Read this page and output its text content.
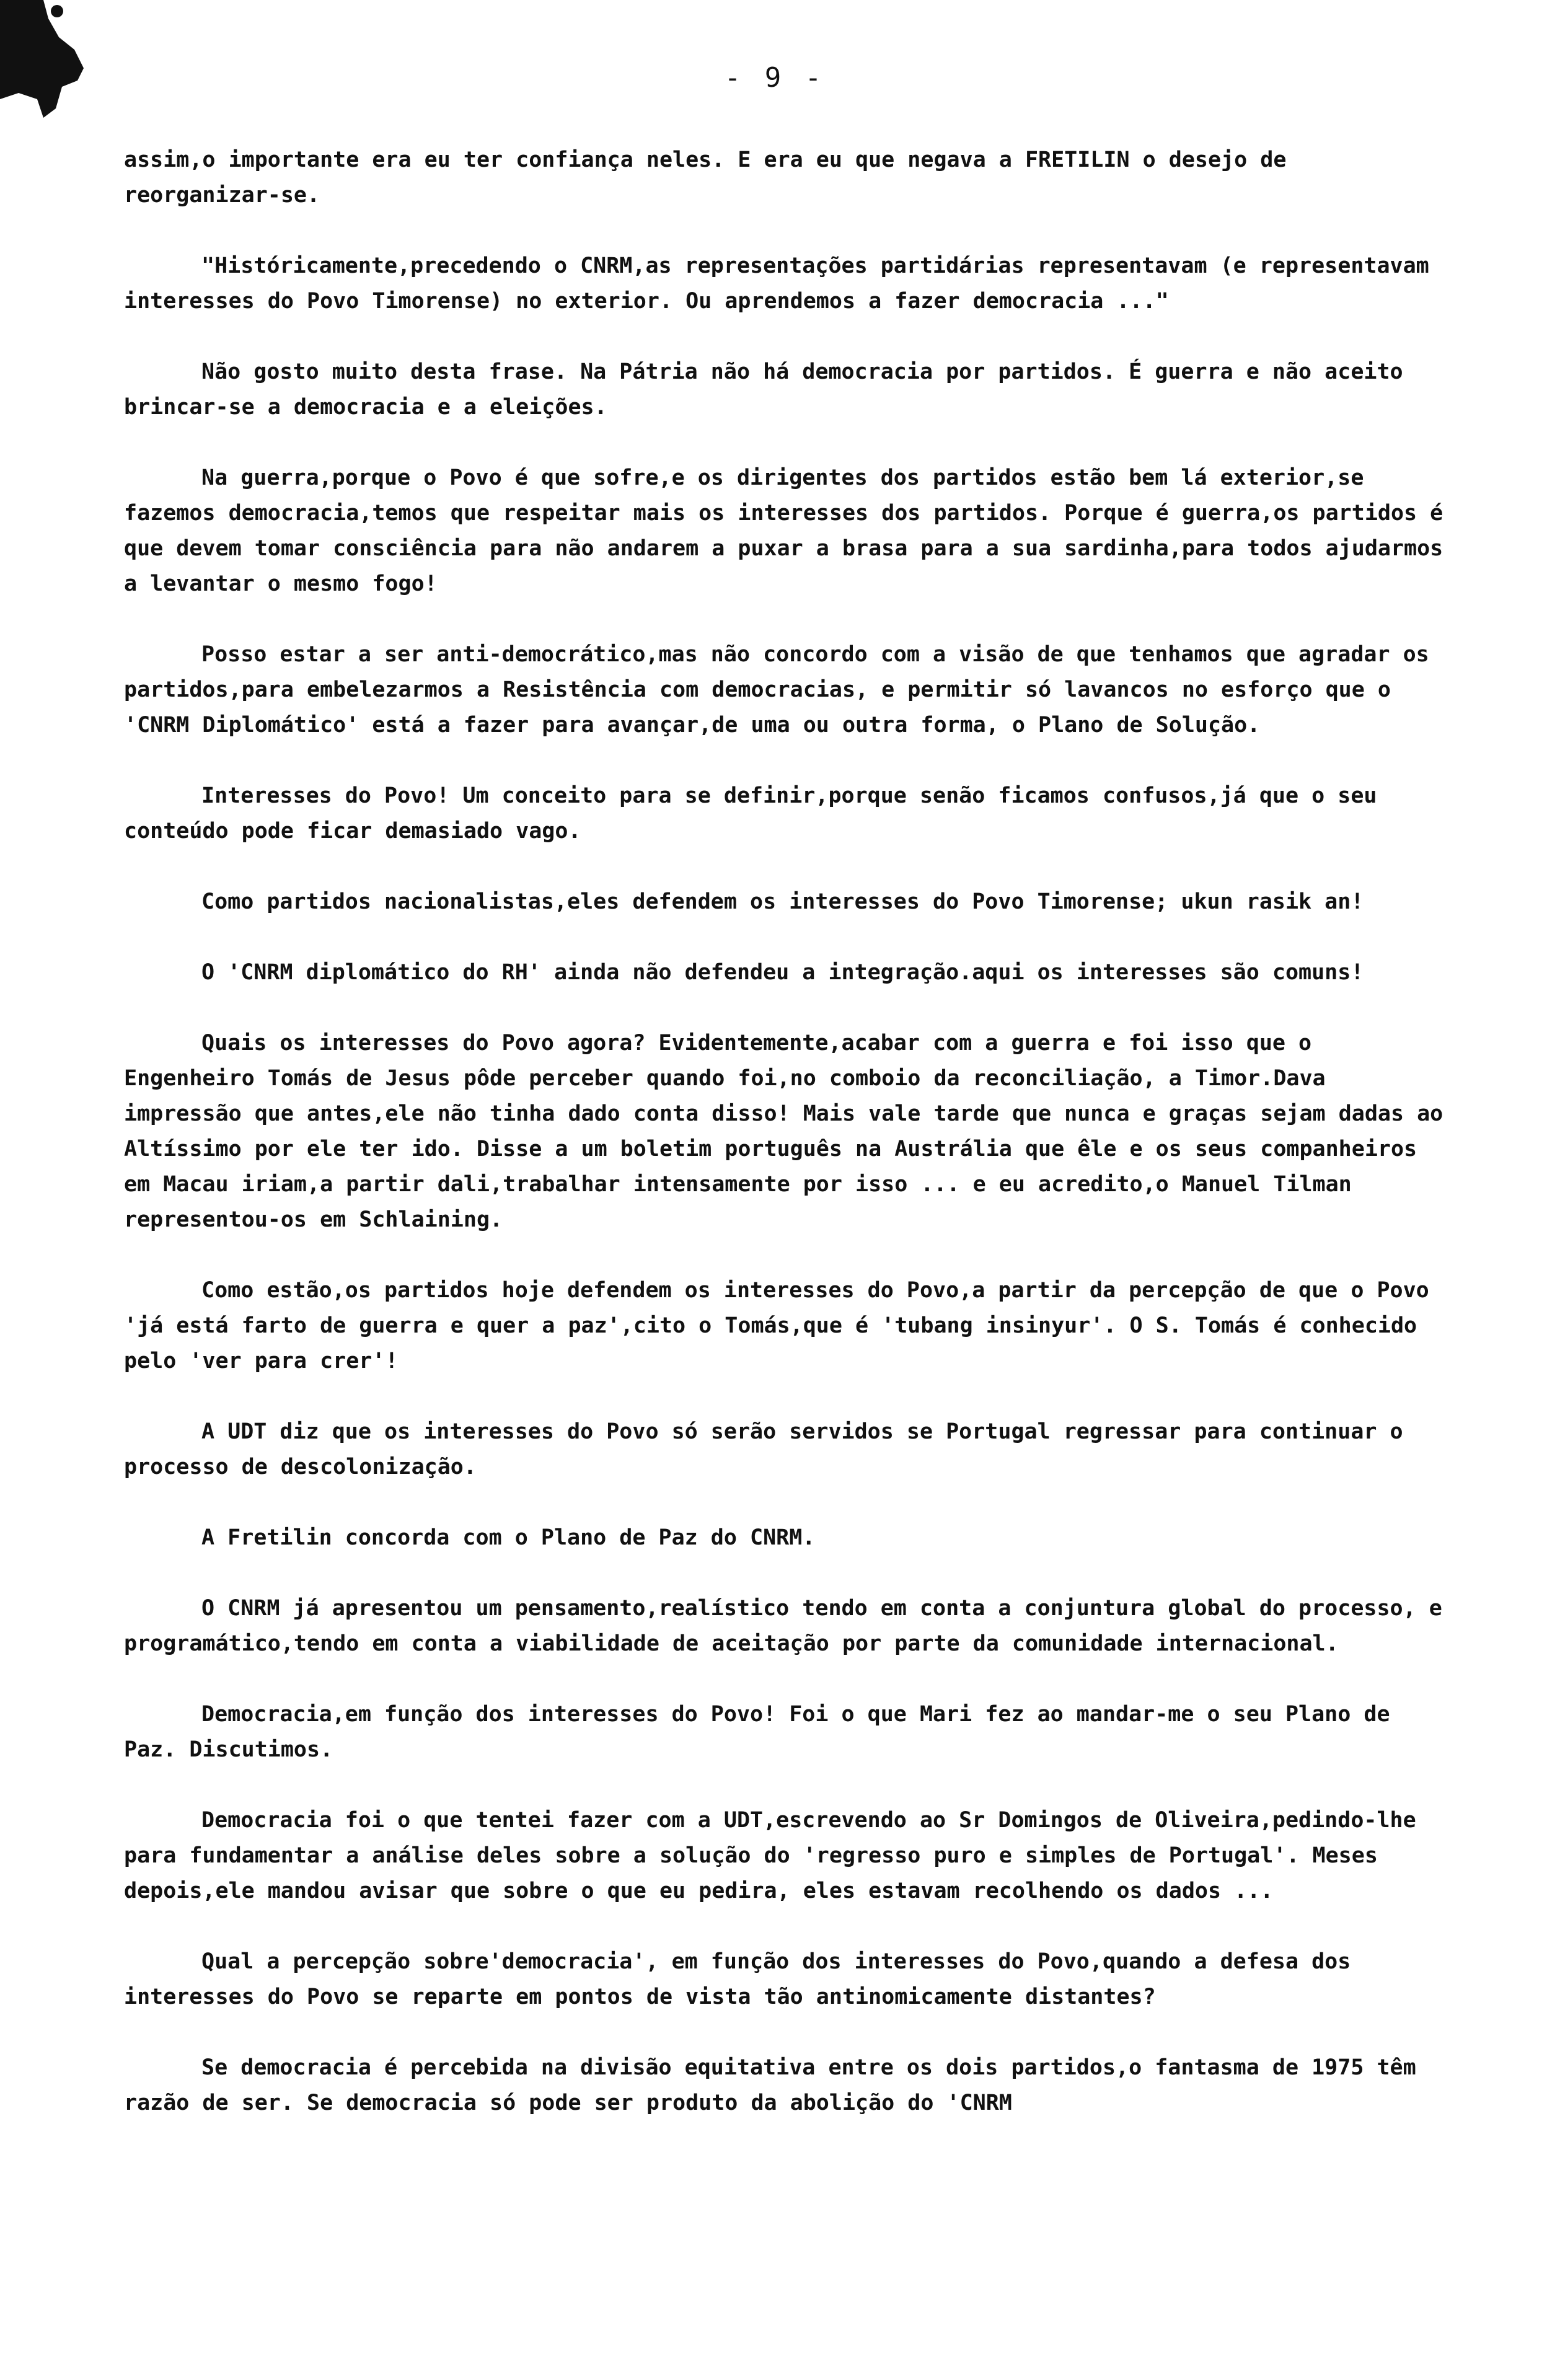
- 9 -

assim,o importante era eu ter confiança neles. E era eu que negava a FRETILIN o desejo de reorganizar-se.

"Históricamente,precedendo o CNRM,as representações partidárias representavam (e representavam interesses do Povo Timorense) no exterior. Ou aprendemos a fazer democracia ..."

Não gosto muito desta frase. Na Pátria não há democracia por partidos. É guerra e não aceito brincar-se a democracia e a eleições.

Na guerra,porque o Povo é que sofre,e os dirigentes dos partidos estão bem lá exterior,se fazemos democracia,temos que respeitar mais os interesses dos partidos. Porque é guerra,os partidos é que devem tomar consciência para não andarem a puxar a brasa para a sua sardinha,para todos ajudarmos a levantar o mesmo fogo!

Posso estar a ser anti-democrático,mas não concordo com a visão de que tenhamos que agradar os partidos,para embelezarmos a Resistência com democracias, e permitir só lavancos no esforço que o 'CNRM Diplomático' está a fazer para avançar,de uma ou outra forma, o Plano de Solução.

Interesses do Povo! Um conceito para se definir,porque senão ficamos confusos,já que o seu conteúdo pode ficar demasiado vago.

Como partidos nacionalistas,eles defendem os interesses do Povo Timorense; ukun rasik an!

O 'CNRM diplomático do RH' ainda não defendeu a integração.aqui os interesses são comuns!

Quais os interesses do Povo agora? Evidentemente,acabar com a guerra e foi isso que o Engenheiro Tomás de Jesus pôde perceber quando foi,no comboio da reconciliação, a Timor.Dava impressão que antes,ele não tinha dado conta disso! Mais vale tarde que nunca e graças sejam dadas ao Altíssimo por ele ter ido. Disse a um boletim português na Austrália que êle e os seus companheiros em Macau iriam,a partir dali,trabalhar intensamente por isso ... e eu acredito,o Manuel Tilman representou-os em Schlaining.

Como estão,os partidos hoje defendem os interesses do Povo,a partir da percepção de que o Povo 'já está farto de guerra e quer a paz',cito o Tomás,que é 'tubang insinyur'. O S. Tomás é conhecido pelo 'ver para crer'!

A UDT diz que os interesses do Povo só serão servidos se Portugal regressar para continuar o processo de descolonização.

A Fretilin concorda com o Plano de Paz do CNRM.

O CNRM já apresentou um pensamento,realístico tendo em conta a conjuntura global do processo, e programático,tendo em conta a viabilidade de aceitação por parte da comunidade internacional.

Democracia,em função dos interesses do Povo! Foi o que Mari fez ao mandar-me o seu Plano de Paz. Discutimos.

Democracia foi o que tentei fazer com a UDT,escrevendo ao Sr Domingos de Oliveira,pedindo-lhe para fundamentar a análise deles sobre a solução do 'regresso puro e simples de Portugal'. Meses depois,ele mandou avisar que sobre o que eu pedira, eles estavam recolhendo os dados ...

Qual a percepção sobre'democracia', em função dos interesses do Povo,quando a defesa dos interesses do Povo se reparte em pontos de vista tão antinomicamente distantes?

Se democracia é percebida na divisão equitativa entre os dois partidos,o fantasma de 1975 têm razão de ser. Se democracia só pode ser produto da abolição do 'CNRM
